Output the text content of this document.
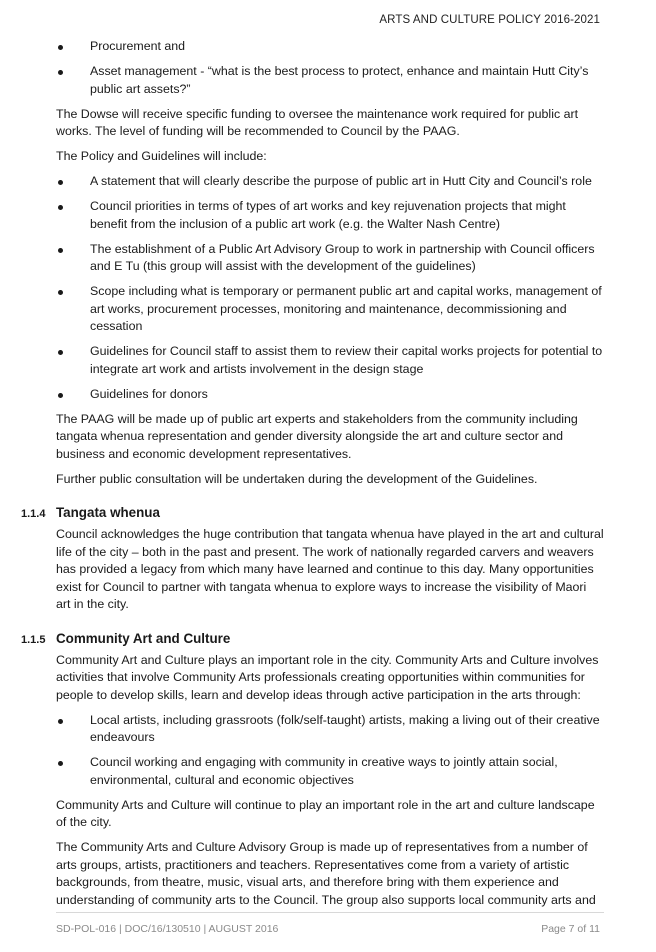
ARTS AND CULTURE POLICY 2016-2021
Procurement and
Asset management - “what is the best process to protect, enhance and maintain Hutt City’s public art assets?”

The Dowse will receive specific funding to oversee the maintenance work required for public art works. The level of funding will be recommended to Council by the PAAG.

The Policy and Guidelines will include:

A statement that will clearly describe the purpose of public art in Hutt City and Council’s role
Council priorities in terms of types of art works and key rejuvenation projects that might benefit from the inclusion of a public art work (e.g. the Walter Nash Centre)
The establishment of a Public Art Advisory Group to work in partnership with Council officers and E Tu (this group will assist with the development of the guidelines)
Scope including what is temporary or permanent public art and capital works, management of art works, procurement processes, monitoring and maintenance, decommissioning and cessation
Guidelines for Council staff to assist them to review their capital works projects for potential to integrate art work and artists involvement in the design stage
Guidelines for donors

The PAAG will be made up of public art experts and stakeholders from the community including tangata whenua representation and gender diversity alongside the art and culture sector and business and economic development representatives.

Further public consultation will be undertaken during the development of the Guidelines.

1.1.4 Tangata whenua

Council acknowledges the huge contribution that tangata whenua have played in the art and cultural life of the city – both in the past and present. The work of nationally regarded carvers and weavers has provided a legacy from which many have learned and continue to this day. Many opportunities exist for Council to partner with tangata whenua to explore ways to increase the visibility of Maori art in the city.

1.1.5 Community Art and Culture

Community Art and Culture plays an important role in the city. Community Arts and Culture involves activities that involve Community Arts professionals creating opportunities within communities for people to develop skills, learn and develop ideas through active participation in the arts through:

Local artists, including grassroots (folk/self-taught) artists, making a living out of their creative endeavours
Council working and engaging with community in creative ways to jointly attain social, environmental, cultural and economic objectives

Community Arts and Culture will continue to play an important role in the art and culture landscape of the city.

The Community Arts and Culture Advisory Group is made up of representatives from a number of arts groups, artists, practitioners and teachers. Representatives come from a variety of artistic backgrounds, from theatre, music, visual arts, and therefore bring with them experience and understanding of community arts to the Council. The group also supports local community arts and

SD-POL-016 | DOC/16/130510 | AUGUST 2016	Page 7 of 11
